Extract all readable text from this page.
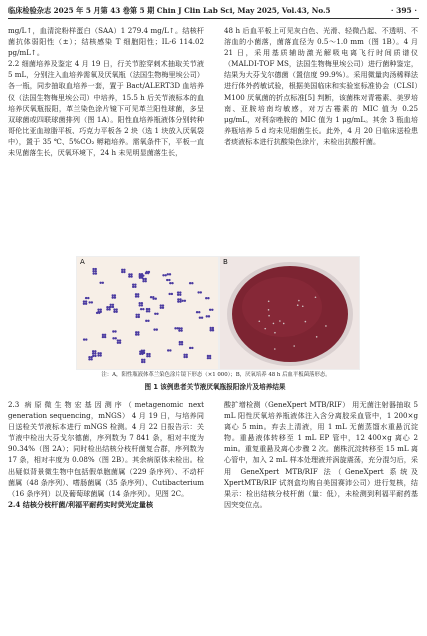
临床检验杂志 2025 年 5 月第 43 卷第 5 期 Chin J Clin Lab Sci, May 2025, Vol.43, No.5	· 395 ·

mg/L↑，血清淀粉样蛋白（SAA）1 279.4 mg/L↑。结核杆菌抗体弱阳性（±）；结核感染 T 细胞阳性；IL-6 114.02 pg/mL↑。

2.2 细菌培养及鉴定 4 月 19 日，行关节腔穿刺术抽取关节液 5 mL，分别注入血培养需氧及厌氧瓶（法国生物梅里埃公司）各一瓶，同步抽取血培养一套，置于 Bact/ALERT3D 血培养仪（法国生物梅里埃公司）中培养，15.5 h 后关节液标本的血培养厌氧瓶报阳，革兰染色涂片镜下可见革兰阳性球菌，多呈双球菌或四联球菌排列（图 1A）。阳性血培养瓶液体分别转种哥伦比亚血琼脂平板、巧克力平板各 2 块（选 1 块放入厌氧袋中），置于 35 ℃、5%CO₂ 孵箱培养。需氧条件下，平板一直未见菌落生长，厌氧环境下，24 h 未见明显菌落生长，

48 h 后血平板上可见灰白色、光滑、轻微凸起、不透明、不溶血的小菌落，菌落直径为 0.5～1.0 mm（图 1B）。4 月 21 日，采用基质辅助激光解吸电离飞行时间质谱仪（MALDI-TOF MS，法国生物梅里埃公司）进行菌种鉴定，结果为大芬戈尔德菌（置信度 99.9%）。采用微量肉汤稀释法进行体外药敏试验，根据美国临床和实验室标准协会（CLSI）M100 厌氧菌的折点标准[5] 判断，该菌株对青霉素、美罗培南、亚胺培南均敏感，对万古霉素的 MIC 值为 0.25 μg/mL，对利奈唑胺的 MIC 值为 1 μg/mL。其余 3 瓶血培养瓶培养 5 d 均未见细菌生长。此外，4 月 20 日临床送检患者痰液标本进行抗酸染色涂片，未检出抗酸杆菌。

A	B
注：A，阳性瓶液体革兰染色涂片镜下形态（×1 000）；B，厌氧培养 48 h 后血平板菌落形态。
图 1 该例患者关节液厌氧瓶报阳涂片及培养结果

2.3 病原微生物宏基因测序（metagenomic next generation sequencing，mNGS） 4 月 19 日，与培养同日送检关节液标本进行 mNGS 检测。4 月 22 日报告示：关节液中检出大芬戈尔德菌，序列数为 7 841 条，相对丰度为 90.34%（图 2A）；同时检出结核分枝杆菌复合群，序列数为 17 条，相对丰度为 0.08%（图 2B）。其余病原体未检出。检出疑似背景微生物中包括假单胞菌属（229 条序列）、不动杆菌属（48 条序列）、嗜肠菌属（35 条序列）、Cutibacterium（16 条序列）以及葡萄球菌属（14 条序列）。见图 2C。

2.4 结核分枝杆菌/利福平耐药实时荧光定量核

酸扩增检测（GeneXpert MTB/RIF） 用无菌注射器抽取 5 mL 阳性厌氧培养瓶液体注入含分离胶采血管中，1 200×g 离心 5 min。弃去上清液，用 1 mL 无菌蒸馏水重悬沉淀物。重悬液体转移至 1 mL EP 管中，12 400×g 离心 2 min。重复重悬及离心步骤 2 次。菌株沉淀转移至 15 mL 离心管中，加入 2 mL 样本处理液并涡旋震荡，充分混匀后，采用 GeneXpert MTB/RIF 法（GeneXpert 系统及 XpertMTB/RIF 试剂盒均购自美国赛沛公司）进行复核，结果示：检出结核分枝杆菌（量：低），未检测到利福平耐药基因突变位点。
